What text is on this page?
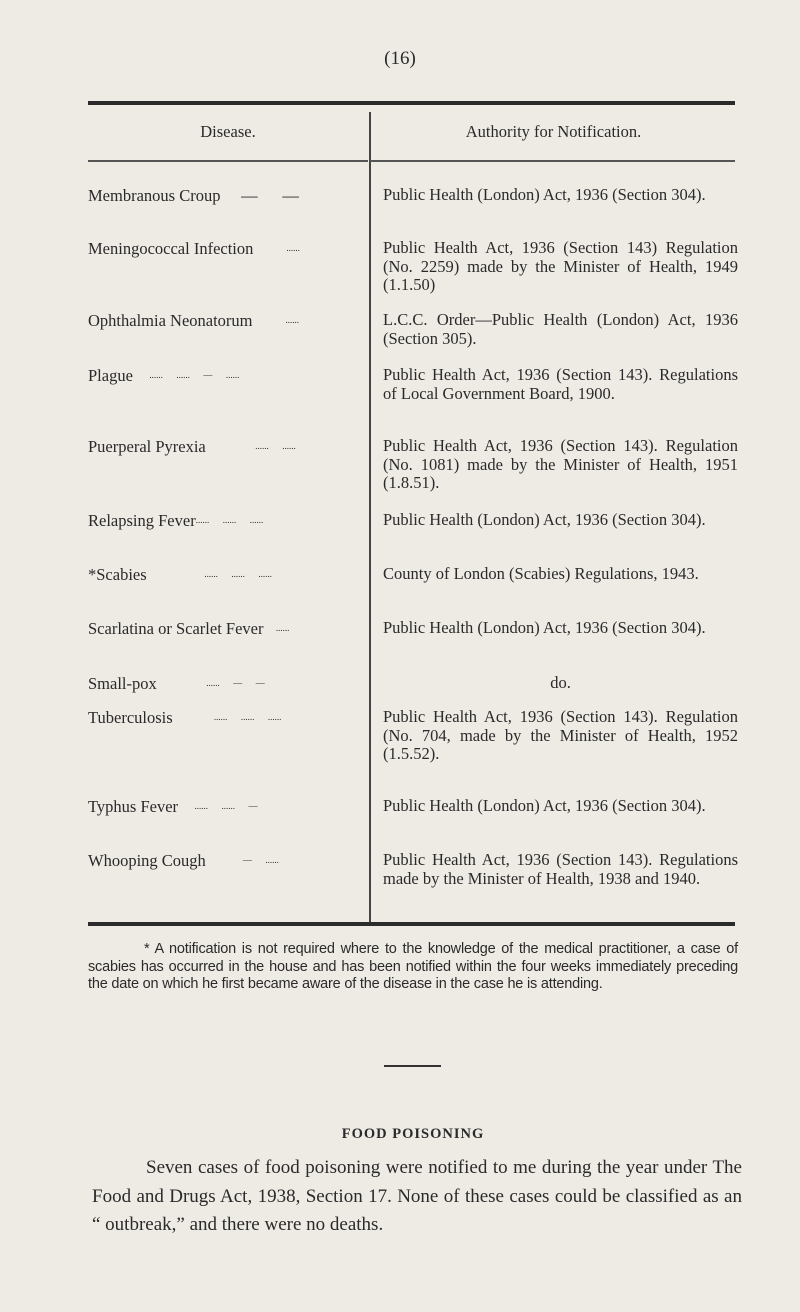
(16)
Disease.	Authority for Notification.
Membranous Croup —      —	Public Health (London) Act, 1936 (Section 304).
Meningococcal Infection	......	Public Health Act, 1936 (Section 143) Regulation (No. 2259) made by the Minister of Health, 1949 (1.1.50)
Ophthalmia Neonatorum	......	L.C.C. Order—Public Health (London) Act, 1936 (Section 305).
Plague ......      ......      —      ......	Public Health Act, 1936 (Section 143). Regulations of Local Government Board, 1900.
Puerperal Pyrexia	......      ......	Public Health Act, 1936 (Section 143). Regulation (No. 1081) made by the Minister of Health, 1951 (1.8.51).
Relapsing Fever......      ......      ......	Public Health (London) Act, 1936 (Section 304).
*Scabies	......      ......      ......	County of London (Scabies) Regulations, 1943.
Scarlatina or Scarlet Fever ......	Public Health (London) Act, 1936 (Section 304).
Small-pox	......      —      —	do.
Tuberculosis	......      ......      ......	Public Health Act, 1936 (Section 143). Regulation (No. 704, made by the Minister of Health, 1952 (1.5.52).
Typhus Fever ......      ......      —	Public Health (London) Act, 1936 (Section 304).
Whooping Cough	—      ......	Public Health Act, 1936 (Section 143). Regulations made by the Minister of Health, 1938 and 1940.
* A notification is not required where to the knowledge of the medical practitioner, a case of scabies has occurred in the house and has been notified within the four weeks immediately preceding the date on which he first became aware of the disease in the case he is attending.
FOOD POISONING
Seven cases of food poisoning were notified to me during the year under The Food and Drugs Act, 1938, Section 17. None of these cases could be classified as an “ outbreak,” and there were no deaths.
